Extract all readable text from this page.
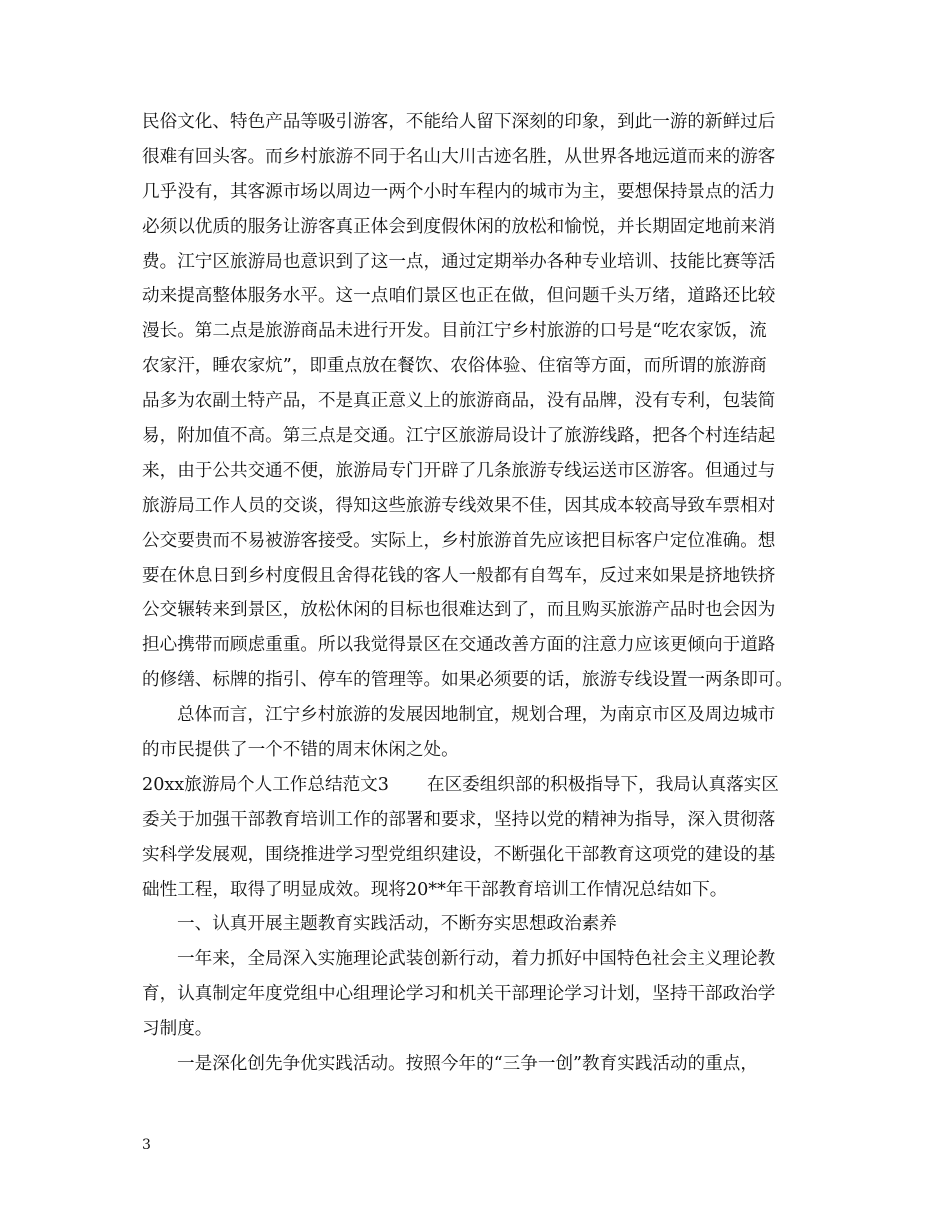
民俗文化、特色产品等吸引游客，不能给人留下深刻的印象，到此一游的新鲜过后
很难有回头客。而乡村旅游不同于名山大川古迹名胜，从世界各地远道而来的游客
几乎没有，其客源市场以周边一两个小时车程内的城市为主，要想保持景点的活力
必须以优质的服务让游客真正体会到度假休闲的放松和愉悦，并长期固定地前来消
费。江宁区旅游局也意识到了这一点，通过定期举办各种专业培训、技能比赛等活
动来提高整体服务水平。这一点咱们景区也正在做，但问题千头万绪，道路还比较
漫长。第二点是旅游商品未进行开发。目前江宁乡村旅游的口号是“吃农家饭，流
农家汗，睡农家炕”，即重点放在餐饮、农俗体验、住宿等方面，而所谓的旅游商
品多为农副土特产品，不是真正意义上的旅游商品，没有品牌，没有专利，包装简
易，附加值不高。第三点是交通。江宁区旅游局设计了旅游线路，把各个村连结起
来，由于公共交通不便，旅游局专门开辟了几条旅游专线运送市区游客。但通过与
旅游局工作人员的交谈，得知这些旅游专线效果不佳，因其成本较高导致车票相对
公交要贵而不易被游客接受。实际上，乡村旅游首先应该把目标客户定位准确。想
要在休息日到乡村度假且舍得花钱的客人一般都有自驾车，反过来如果是挤地铁挤
公交辗转来到景区，放松休闲的目标也很难达到了，而且购买旅游产品时也会因为
担心携带而顾虑重重。所以我觉得景区在交通改善方面的注意力应该更倾向于道路
的修缮、标牌的指引、停车的管理等。如果必须要的话，旅游专线设置一两条即可。
总体而言，江宁乡村旅游的发展因地制宜，规划合理，为南京市区及周边城市
的市民提供了一个不错的周末休闲之处。
20xx旅游局个人工作总结范文3 在区委组织部的积极指导下，我局认真落实区
委关于加强干部教育培训工作的部署和要求，坚持以党的精神为指导，深入贯彻落
实科学发展观，围绕推进学习型党组织建设，不断强化干部教育这项党的建设的基
础性工程，取得了明显成效。现将20**年干部教育培训工作情况总结如下。
一、认真开展主题教育实践活动，不断夯实思想政治素养
一年来，全局深入实施理论武装创新行动，着力抓好中国特色社会主义理论教
育，认真制定年度党组中心组理论学习和机关干部理论学习计划，坚持干部政治学
习制度。
一是深化创先争优实践活动。按照今年的“三争一创”教育实践活动的重点，
3
